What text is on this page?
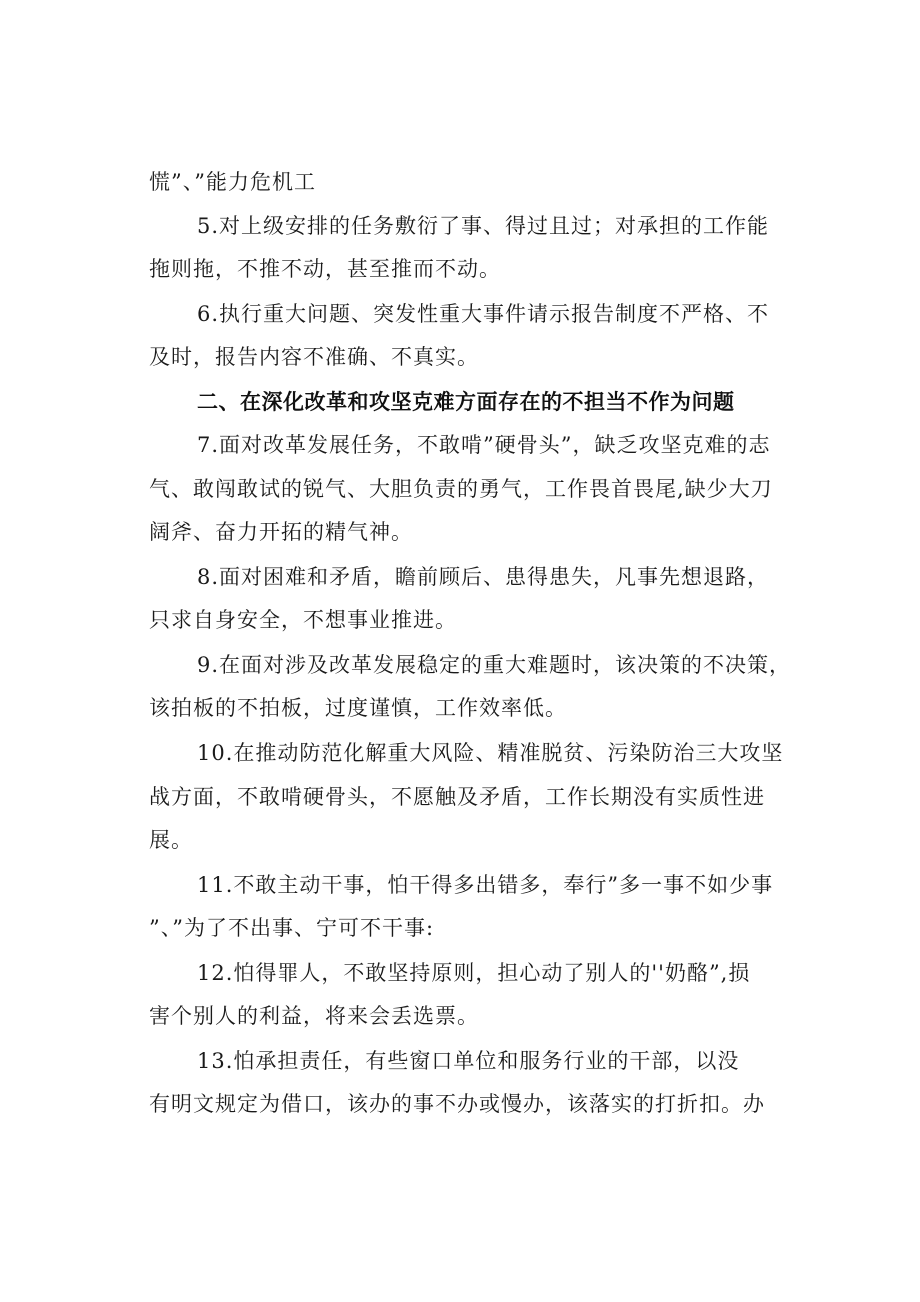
慌”、”能力危机工
5.对上级安排的任务敷衍了事、得过且过；对承担的工作能
拖则拖，不推不动，甚至推而不动。
6.执行重大问题、突发性重大事件请示报告制度不严格、不
及时，报告内容不准确、不真实。
二、在深化改革和攻坚克难方面存在的不担当不作为问题
7.面对改革发展任务，不敢啃”硬骨头”，缺乏攻坚克难的志
气、敢闯敢试的锐气、大胆负责的勇气，工作畏首畏尾,缺少大刀
阔斧、奋力开拓的精气神。
8.面对困难和矛盾，瞻前顾后、患得患失，凡事先想退路，
只求自身安全，不想事业推进。
9.在面对涉及改革发展稳定的重大难题时，该决策的不决策，
该拍板的不拍板，过度谨慎，工作效率低。
10.在推动防范化解重大风险、精准脱贫、污染防治三大攻坚
战方面，不敢啃硬骨头，不愿触及矛盾，工作长期没有实质性进
展。
11.不敢主动干事，怕干得多出错多，奉行”多一事不如少事
”、”为了不出事、宁可不干事:
12.怕得罪人，不敢坚持原则，担心动了别人的''奶酪”,损
害个别人的利益，将来会丢选票。
13.怕承担责任，有些窗口单位和服务行业的干部，以没
有明文规定为借口，该办的事不办或慢办，该落实的打折扣。办
